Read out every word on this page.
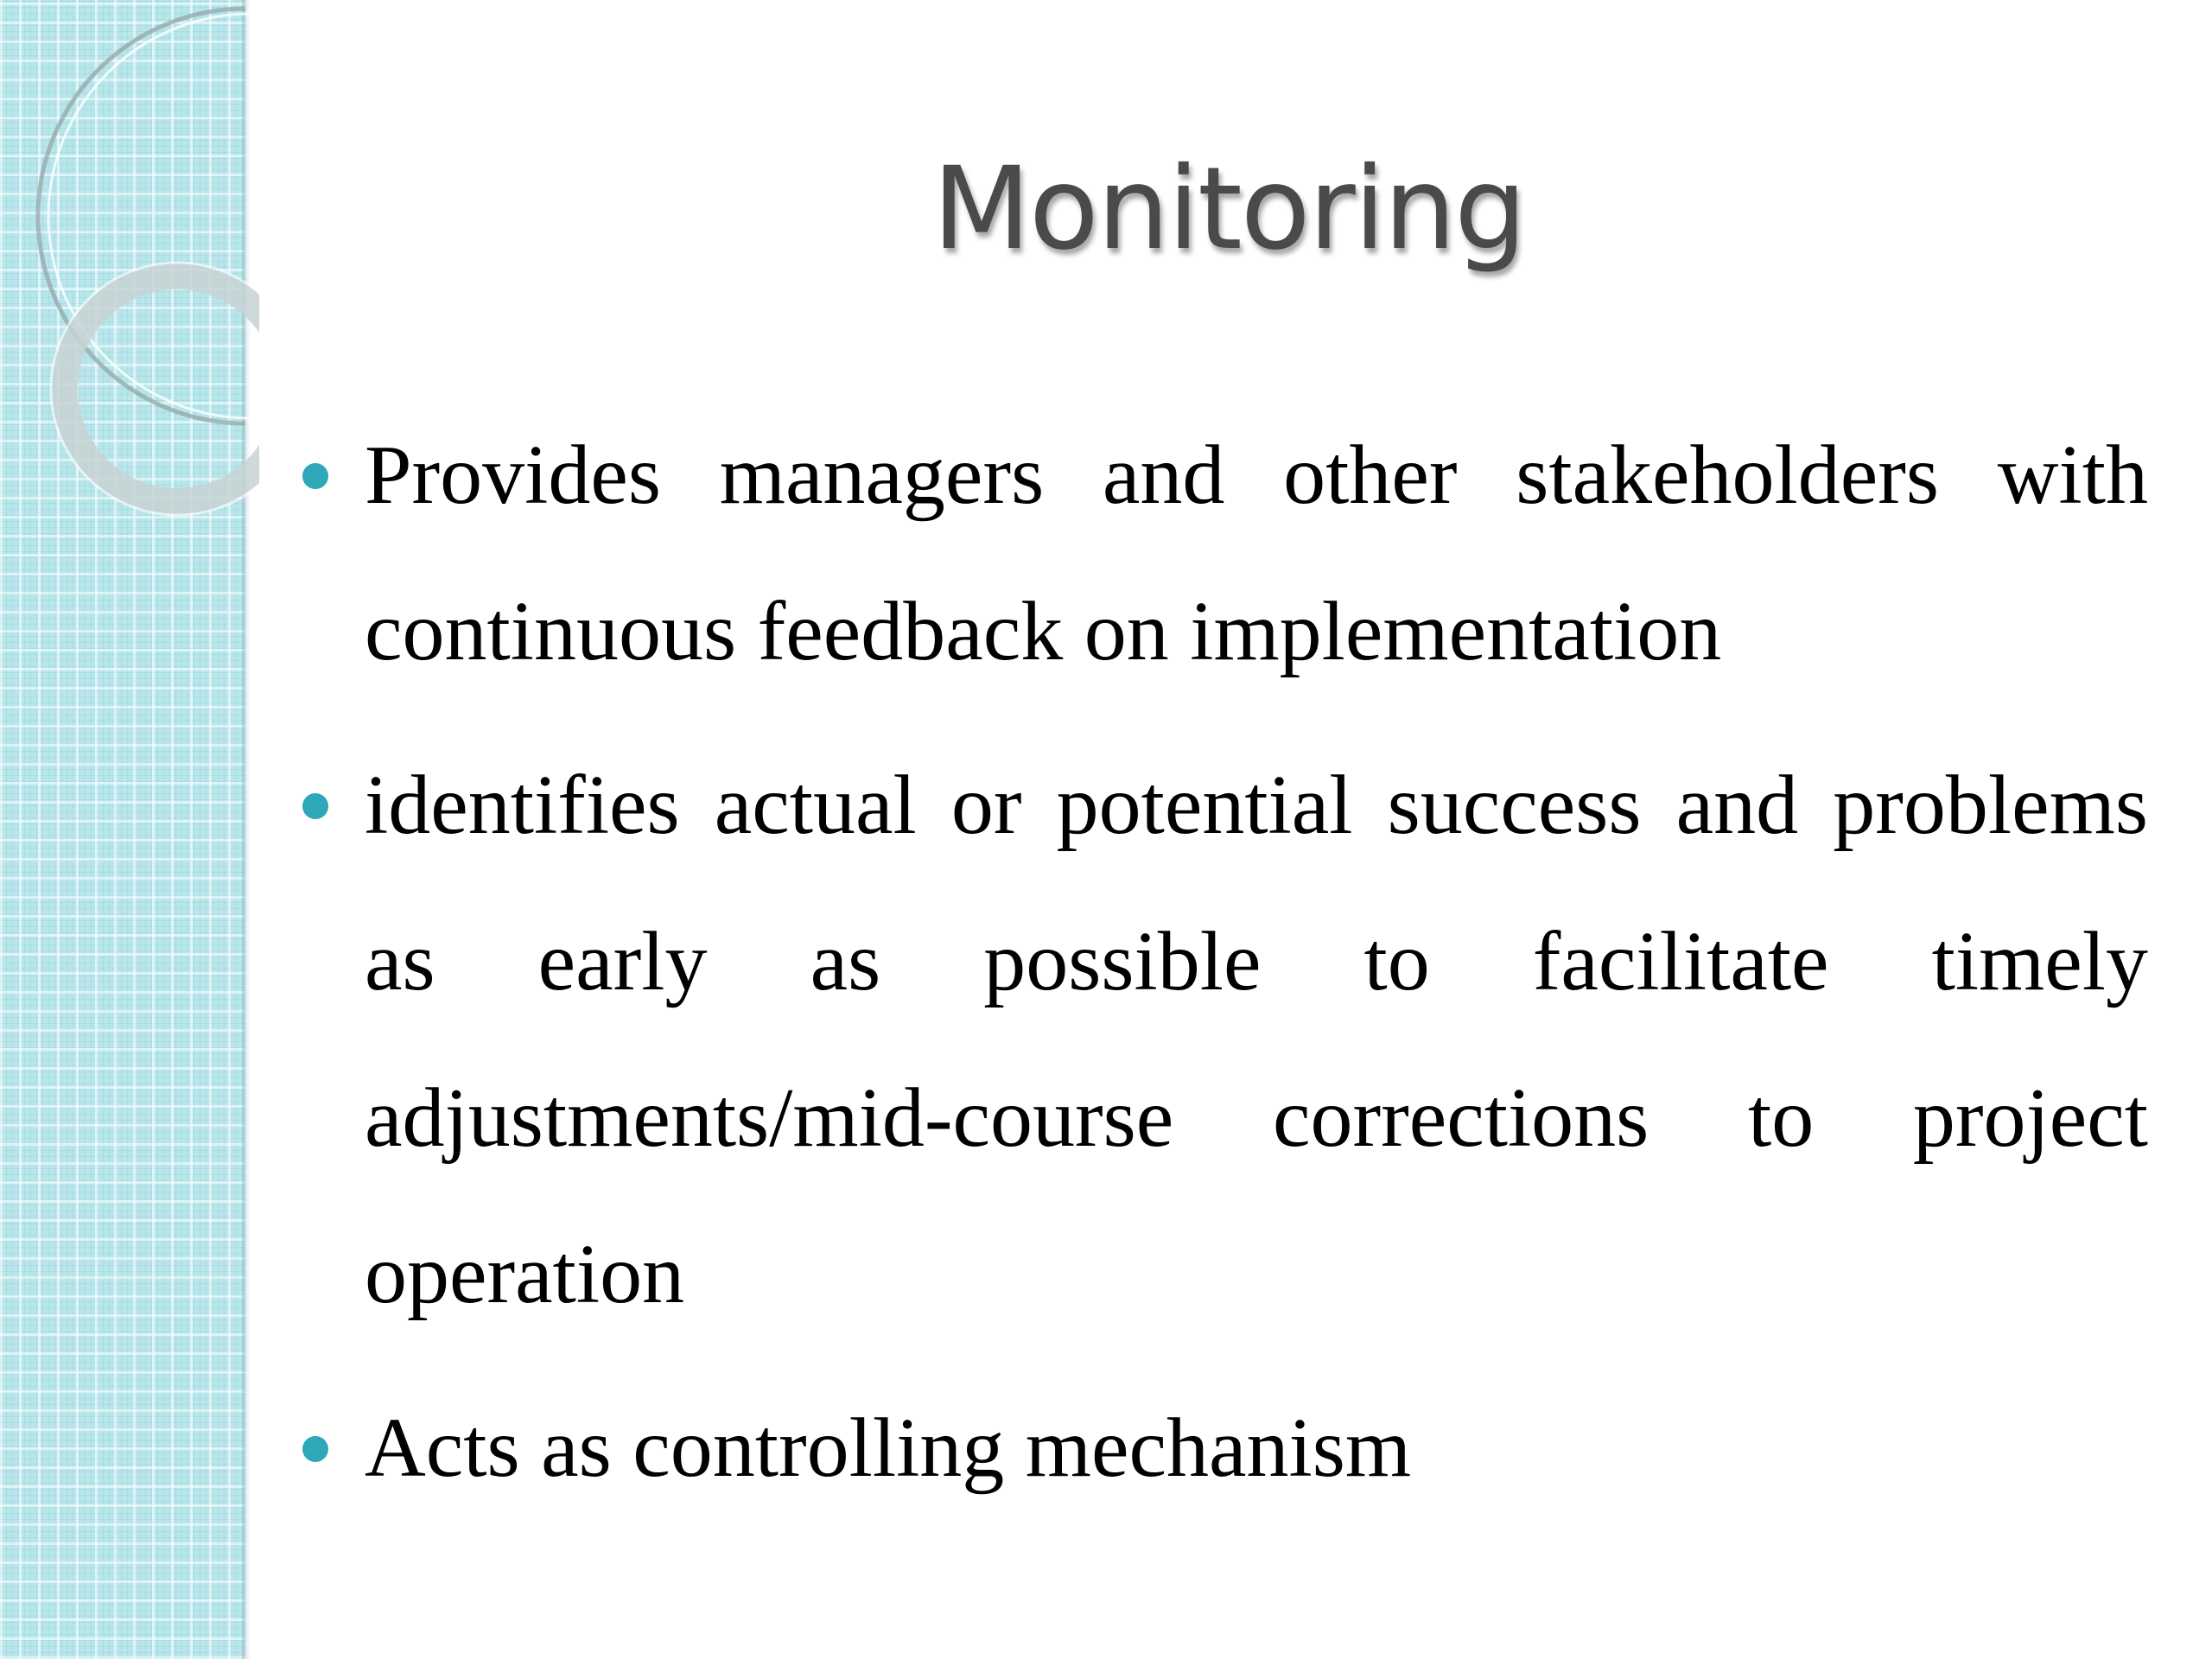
Monitoring
Provides managers and other stakeholders with continuous feedback on implementation
identifies actual or potential success and problems as early as possible to facilitate timely adjustments/mid-course corrections to project operation
Acts as controlling mechanism
